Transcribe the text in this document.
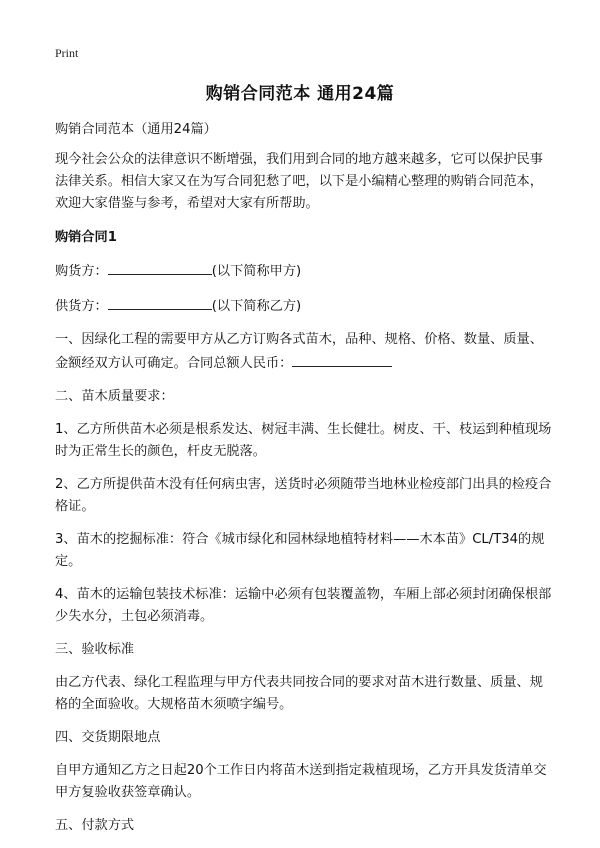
Print
购销合同范本 通用24篇

购销合同范本（通用24篇）

现今社会公众的法律意识不断增强，我们用到合同的地方越来越多，它可以保护民事法律关系。相信大家又在为写合同犯愁了吧，以下是小编精心整理的购销合同范本，欢迎大家借鉴与参考，希望对大家有所帮助。

购销合同1

购货方：	(以下简称甲方)

供货方：	(以下简称乙方)

一、因绿化工程的需要甲方从乙方订购各式苗木，品种、规格、价格、数量、质量、金额经双方认可确定。合同总额人民币：

二、苗木质量要求：

1、乙方所供苗木必须是根系发达、树冠丰满、生长健壮。树皮、干、枝运到种植现场时为正常生长的颜色，杆皮无脱落。

2、乙方所提供苗木没有任何病虫害，送货时必须随带当地林业检疫部门出具的检疫合格证。

3、苗木的挖掘标准：符合《城市绿化和园林绿地植特材料——木本苗》CL/T34的规定。

4、苗木的运输包装技术标准：运输中必须有包装覆盖物，车厢上部必须封闭确保根部少失水分，土包必须消毒。

三、验收标准

由乙方代表、绿化工程监理与甲方代表共同按合同的要求对苗木进行数量、质量、规格的全面验收。大规格苗木须喷字编号。

四、交货期限地点

自甲方通知乙方之日起20个工作日内将苗木送到指定栽植现场，乙方开具发货清单交甲方复验收获签章确认。

五、付款方式
